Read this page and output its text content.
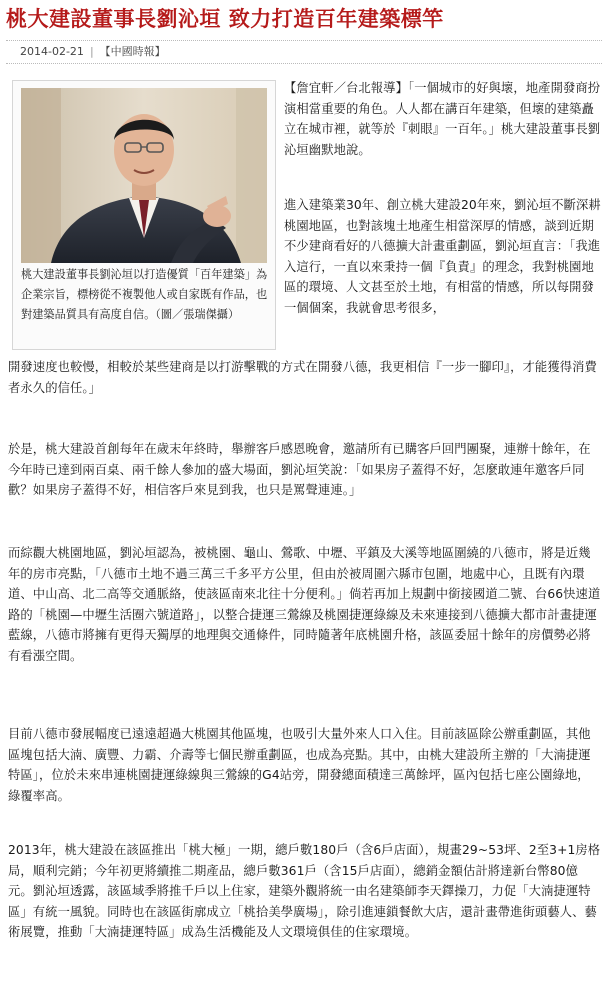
桃大建設董事長劉沁垣 致力打造百年建築標竿
2014-02-21 | 【中國時報】
桃大建設董事長劉沁垣以打造優質「百年建築」為企業宗旨，標榜從不複製他人或自家既有作品，也對建築品質具有高度自信。（圖／張瑞傑攝）

【詹宜軒／台北報導】「一個城市的好與壞，地產開發商扮演相當重要的角色。人人都在講百年建築，但壞的建築矗立在城市裡，就等於『刺眼』一百年。」桃大建設董事長劉沁垣幽默地說。

進入建築業30年、創立桃大建設20年來，劉沁垣不斷深耕桃園地區，也對該塊土地產生相當深厚的情感，談到近期不少建商看好的八德擴大計畫重劃區，劉沁垣直言：「我進入這行，一直以來秉持一個『負責』的理念，我對桃園地區的環境、人文甚至於土地，有相當的情感，所以每開發一個個案，我就會思考很多，

開發速度也較慢，相較於某些建商是以打游擊戰的方式在開發八德，我更相信『一步一腳印』，才能獲得消費者永久的信任。」

於是，桃大建設首創每年在歲末年終時，舉辦客戶感恩晚會，邀請所有已購客戶回門團聚，連辦十餘年，在今年時已達到兩百桌、兩千餘人參加的盛大場面，劉沁垣笑說：「如果房子蓋得不好，怎麼敢連年邀客戶同歡？如果房子蓋得不好，相信客戶來見到我，也只是罵聲連連。」

而綜觀大桃園地區，劉沁垣認為，被桃園、龜山、鶯歌、中壢、平鎮及大溪等地區圍繞的八德市，將是近幾年的房市亮點，「八德市土地不過三萬三千多平方公里，但由於被周圍六縣市包圍，地處中心，且既有內環道、中山高、北二高等交通脈絡，使該區南來北往十分便利。」倘若再加上規劃中銜接國道二號、台66快速道路的「桃園—中壢生活圈六號道路」，以整合捷運三鶯線及桃園捷運綠線及未來連接到八德擴大都市計畫捷運藍線，八德市將擁有更得天獨厚的地理與交通條件，同時隨著年底桃園升格，該區委屈十餘年的房價勢必將有看漲空間。

目前八德市發展幅度已遠遠超過大桃園其他區塊，也吸引大量外來人口入住。目前該區除公辦重劃區，其他區塊包括大湳、廣豐、力霸、介壽等七個民辦重劃區，也成為亮點。其中，由桃大建設所主辦的「大湳捷運特區」，位於未來串連桃園捷運綠線與三鶯線的G4站旁，開發總面積達三萬餘坪，區內包括七座公園綠地，綠覆率高。

2013年，桃大建設在該區推出「桃大極」一期，總戶數180戶（含6戶店面），規畫29~53坪、2至3+1房格局，順利完銷；今年初更將續推二期產品，總戶數361戶（含15戶店面），總銷金額估計將達新台幣80億元。劉沁垣透露，該區域季將推千戶以上住家，建築外觀將統一由名建築師李天鐸操刀，力促「大湳捷運特區」有統一風貌。同時也在該區街廓成立「桃拾美學廣場」，除引進連鎖餐飲大店，還計畫帶進街頭藝人、藝術展覽，推動「大湳捷運特區」成為生活機能及人文環境俱佳的住家環境。
